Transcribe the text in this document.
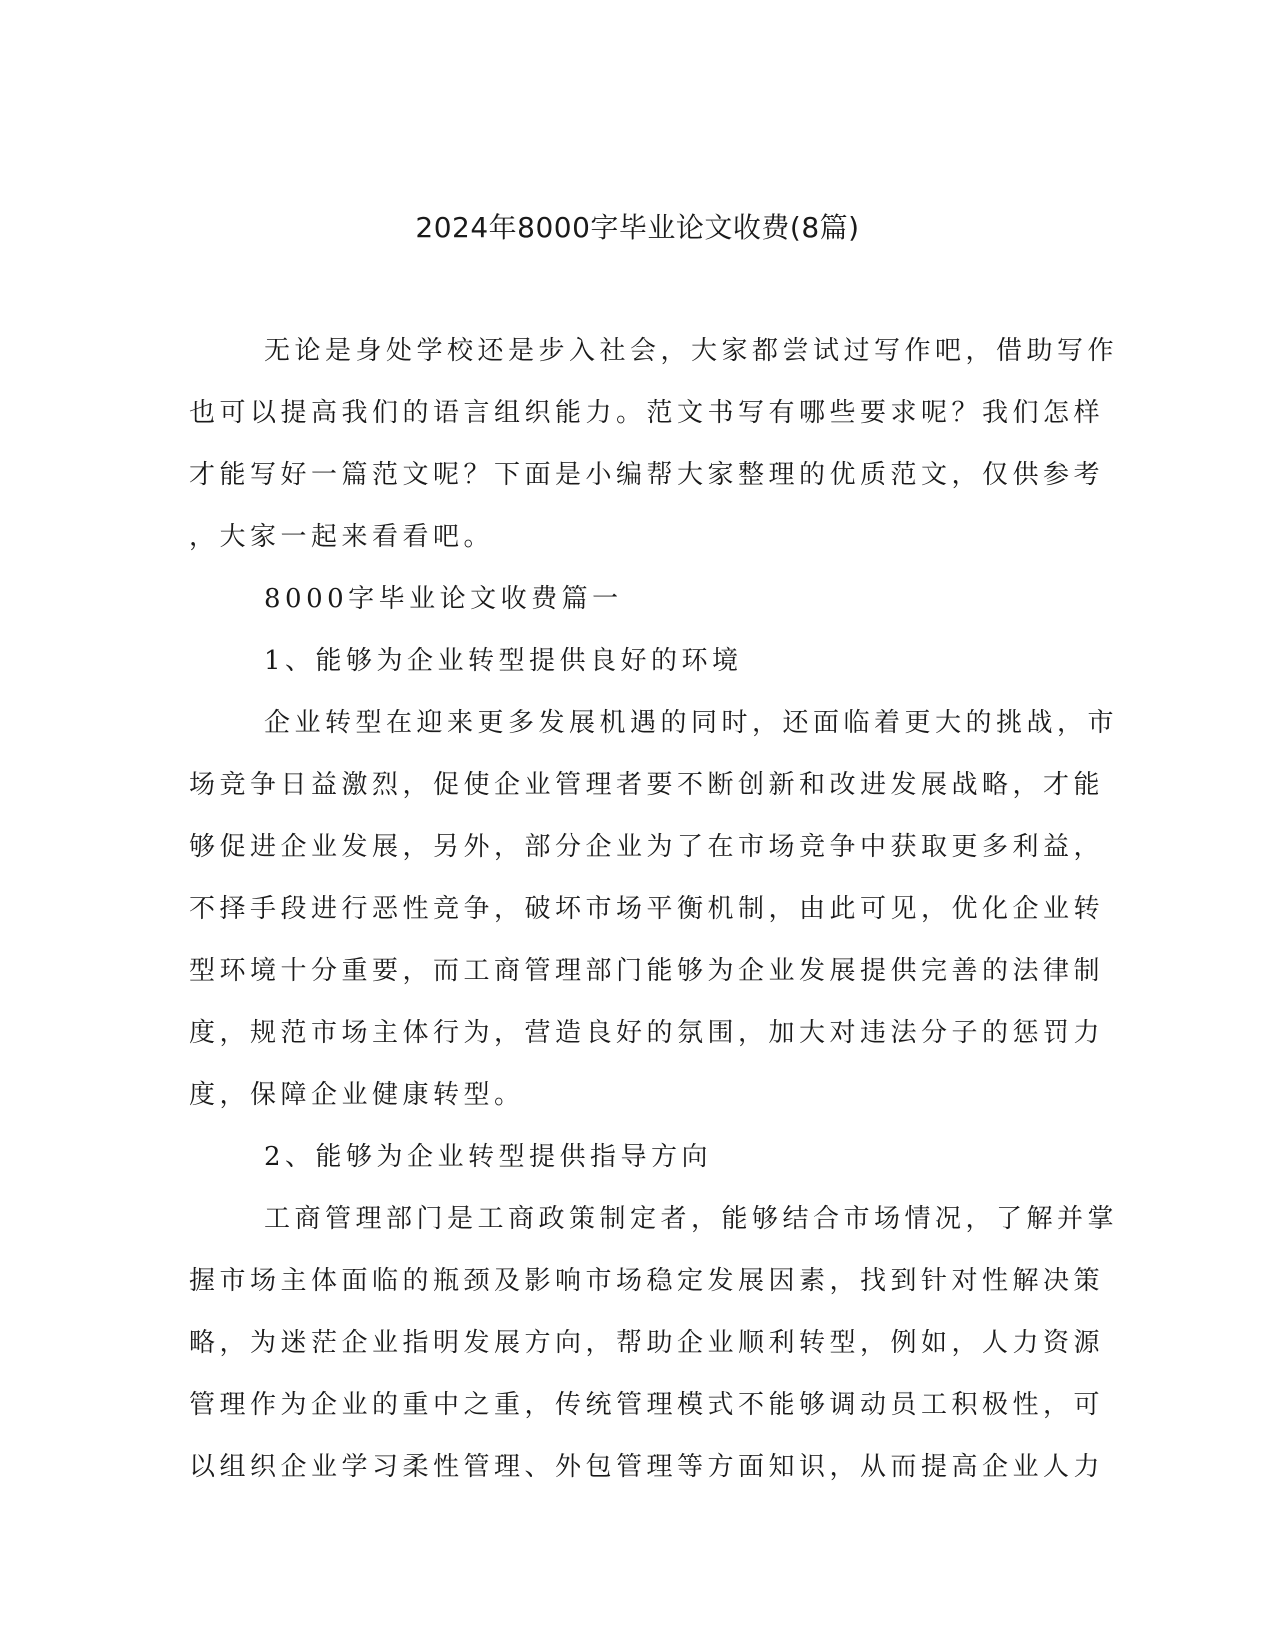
2024年8000字毕业论文收费(8篇)

无论是身处学校还是步入社会，大家都尝试过写作吧，借助写作

也可以提高我们的语言组织能力。范文书写有哪些要求呢？我们怎样

才能写好一篇范文呢？下面是小编帮大家整理的优质范文，仅供参考

，大家一起来看看吧。

8000字毕业论文收费篇一

1、能够为企业转型提供良好的环境

企业转型在迎来更多发展机遇的同时，还面临着更大的挑战，市

场竞争日益激烈，促使企业管理者要不断创新和改进发展战略，才能

够促进企业发展，另外，部分企业为了在市场竞争中获取更多利益，

不择手段进行恶性竞争，破坏市场平衡机制，由此可见，优化企业转

型环境十分重要，而工商管理部门能够为企业发展提供完善的法律制

度，规范市场主体行为，营造良好的氛围，加大对违法分子的惩罚力

度，保障企业健康转型。

2、能够为企业转型提供指导方向

工商管理部门是工商政策制定者，能够结合市场情况，了解并掌

握市场主体面临的瓶颈及影响市场稳定发展因素，找到针对性解决策

略，为迷茫企业指明发展方向，帮助企业顺利转型，例如，人力资源

管理作为企业的重中之重，传统管理模式不能够调动员工积极性，可

以组织企业学习柔性管理、外包管理等方面知识，从而提高企业人力
